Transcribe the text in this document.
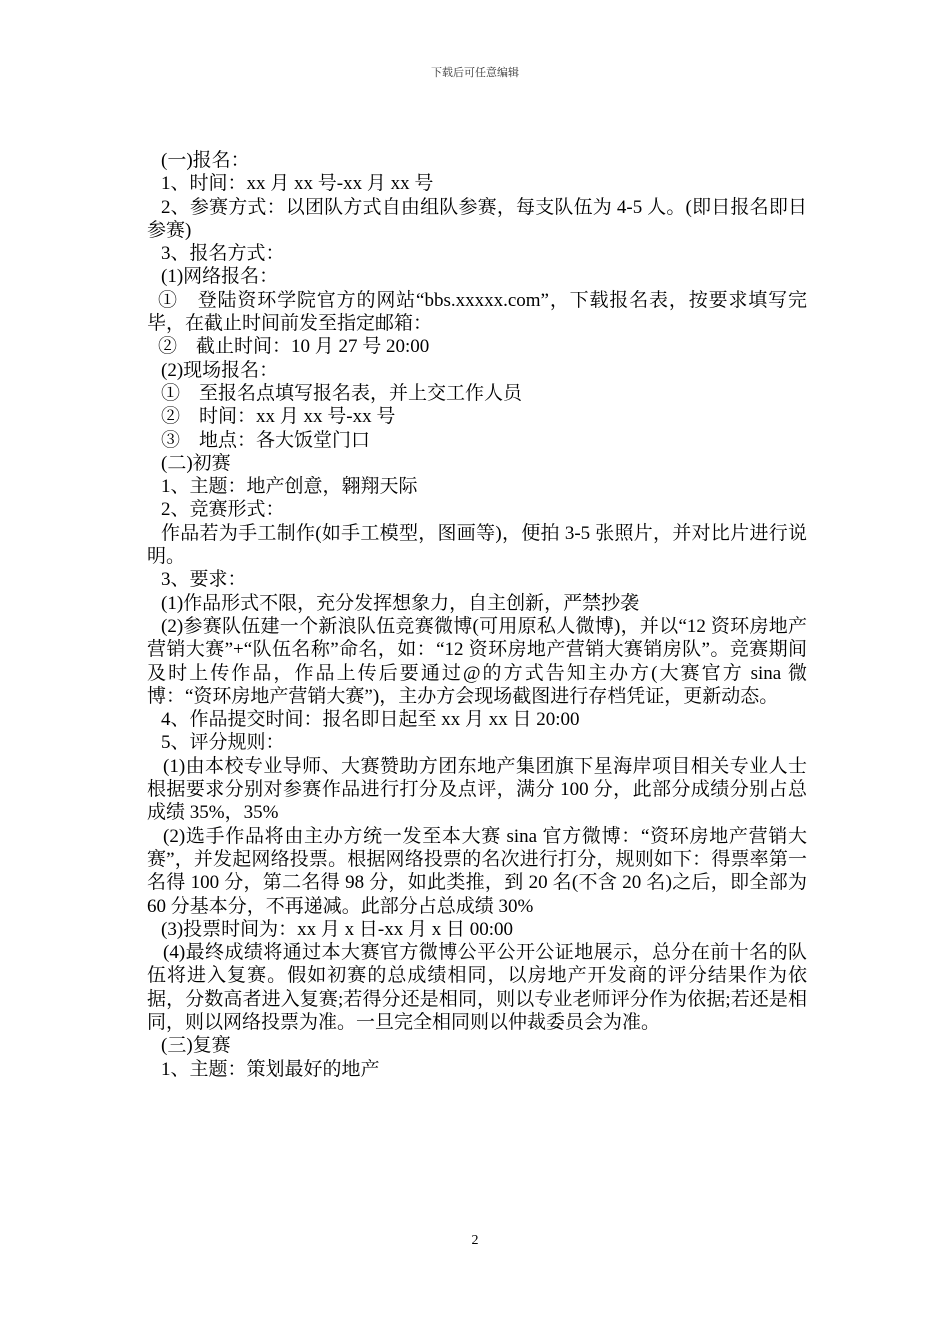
下载后可任意编辑

(一)报名：

1、时间：xx 月 xx 号-xx 月 xx 号

2、参赛方式：以团队方式自由组队参赛，每支队伍为 4-5 人。(即日报名即日参赛)

3、报名方式：

(1)网络报名：

①　登陆资环学院官方的网站“bbs.xxxxx.com”，下载报名表，按要求填写完毕，在截止时间前发至指定邮箱：

②　截止时间：10 月 27 号 20:00

(2)现场报名：

①　至报名点填写报名表，并上交工作人员

②　时间：xx 月 xx 号-xx 号

③　地点：各大饭堂门口

(二)初赛

1、主题：地产创意，翱翔天际

2、竞赛形式：

作品若为手工制作(如手工模型，图画等)，便拍 3-5 张照片，并对比片进行说明。

3、要求：

(1)作品形式不限，充分发挥想象力，自主创新，严禁抄袭

(2)参赛队伍建一个新浪队伍竞赛微博(可用原私人微博)，并以“12 资环房地产营销大赛”+“队伍名称”命名，如：“12 资环房地产营销大赛销房队”。竞赛期间及时上传作品，作品上传后要通过@的方式告知主办方(大赛官方 sina 微博：“资环房地产营销大赛”)，主办方会现场截图进行存档凭证，更新动态。

4、作品提交时间：报名即日起至 xx 月 xx 日 20:00

5、评分规则：

(1)由本校专业导师、大赛赞助方团东地产集团旗下星海岸项目相关专业人士根据要求分别对参赛作品进行打分及点评，满分 100 分，此部分成绩分别占总成绩 35%，35%

(2)选手作品将由主办方统一发至本大赛 sina 官方微博：“资环房地产营销大赛”，并发起网络投票。根据网络投票的名次进行打分，规则如下：得票率第一名得 100 分，第二名得 98 分，如此类推，到 20 名(不含 20 名)之后，即全部为 60 分基本分，不再递减。此部分占总成绩 30%

(3)投票时间为：xx 月 x 日-xx 月 x 日 00:00

(4)最终成绩将通过本大赛官方微博公平公开公证地展示，总分在前十名的队伍将进入复赛。假如初赛的总成绩相同，以房地产开发商的评分结果作为依据，分数高者进入复赛;若得分还是相同，则以专业老师评分作为依据;若还是相同，则以网络投票为准。一旦完全相同则以仲裁委员会为准。

(三)复赛

1、主题：策划最好的地产

2
